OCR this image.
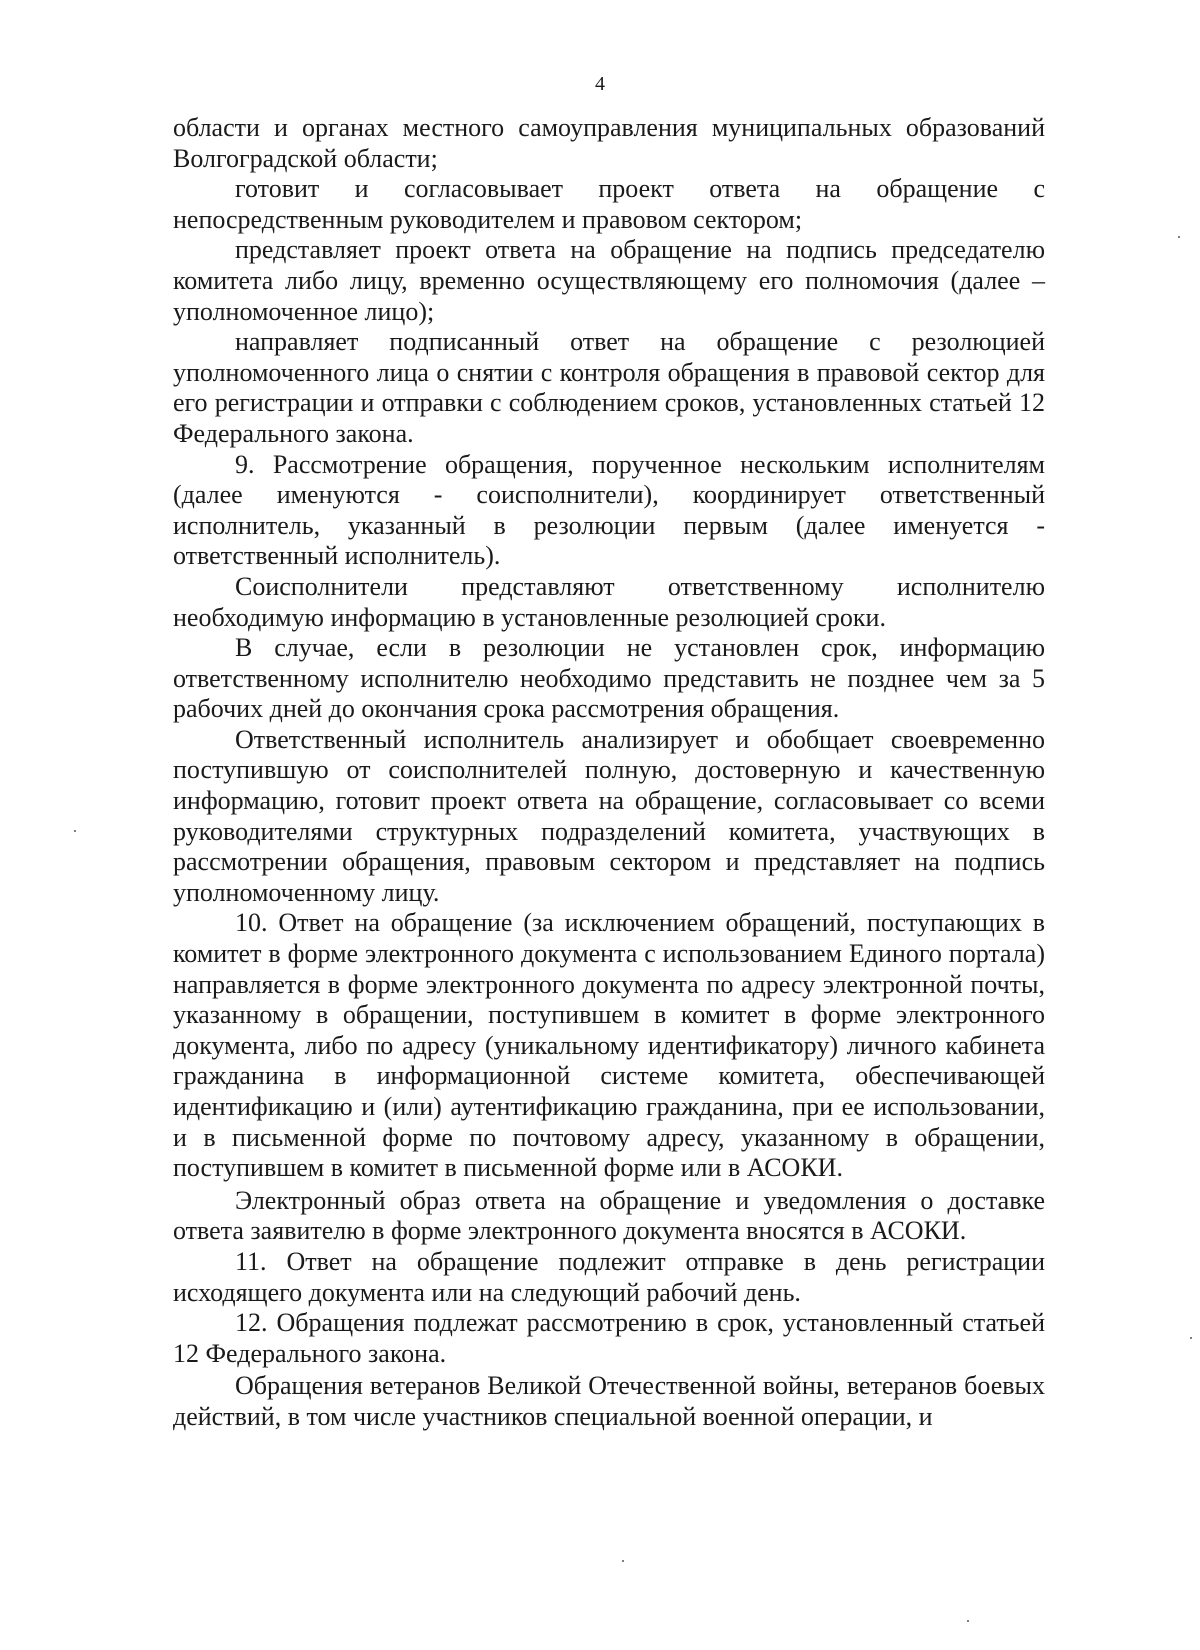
4

области и органах местного самоуправления муниципальных образований Волгоградской области;

готовит и согласовывает проект ответа на обращение с непосредственным руководителем и правовом сектором;

представляет проект ответа на обращение на подпись председателю комитета либо лицу, временно осуществляющему его полномочия (далее – уполномоченное лицо);

направляет подписанный ответ на обращение с резолюцией уполномоченного лица о снятии с контроля обращения в правовой сектор для его регистрации и отправки с соблюдением сроков, установленных статьей 12 Федерального закона.

9. Рассмотрение обращения, порученное нескольким исполнителям (далее именуются - соисполнители), координирует ответственный исполнитель, указанный в резолюции первым (далее именуется - ответственный исполнитель).

Соисполнители представляют ответственному исполнителю необходимую информацию в установленные резолюцией сроки.

В случае, если в резолюции не установлен срок, информацию ответственному исполнителю необходимо представить не позднее чем за 5 рабочих дней до окончания срока рассмотрения обращения.

Ответственный исполнитель анализирует и обобщает своевременно поступившую от соисполнителей полную, достоверную и качественную информацию, готовит проект ответа на обращение, согласовывает со всеми руководителями структурных подразделений комитета, участвующих в рассмотрении обращения, правовым сектором и представляет на подпись уполномоченному лицу.

10. Ответ на обращение (за исключением обращений, поступающих в комитет в форме электронного документа с использованием Единого портала) направляется в форме электронного документа по адресу электронной почты, указанному в обращении, поступившем в комитет в форме электронного документа, либо по адресу (уникальному идентификатору) личного кабинета гражданина в информационной системе комитета, обеспечивающей идентификацию и (или) аутентификацию гражданина, при ее использовании, и в письменной форме по почтовому адресу, указанному в обращении, поступившем в комитет в письменной форме или в АСОКИ.

Электронный образ ответа на обращение и уведомления о доставке ответа заявителю в форме электронного документа вносятся в АСОКИ.

11. Ответ на обращение подлежит отправке в день регистрации исходящего документа или на следующий рабочий день.

12. Обращения подлежат рассмотрению в срок, установленный статьей 12 Федерального закона.

Обращения ветеранов Великой Отечественной войны, ветеранов боевых действий, в том числе участников специальной военной операции, и
